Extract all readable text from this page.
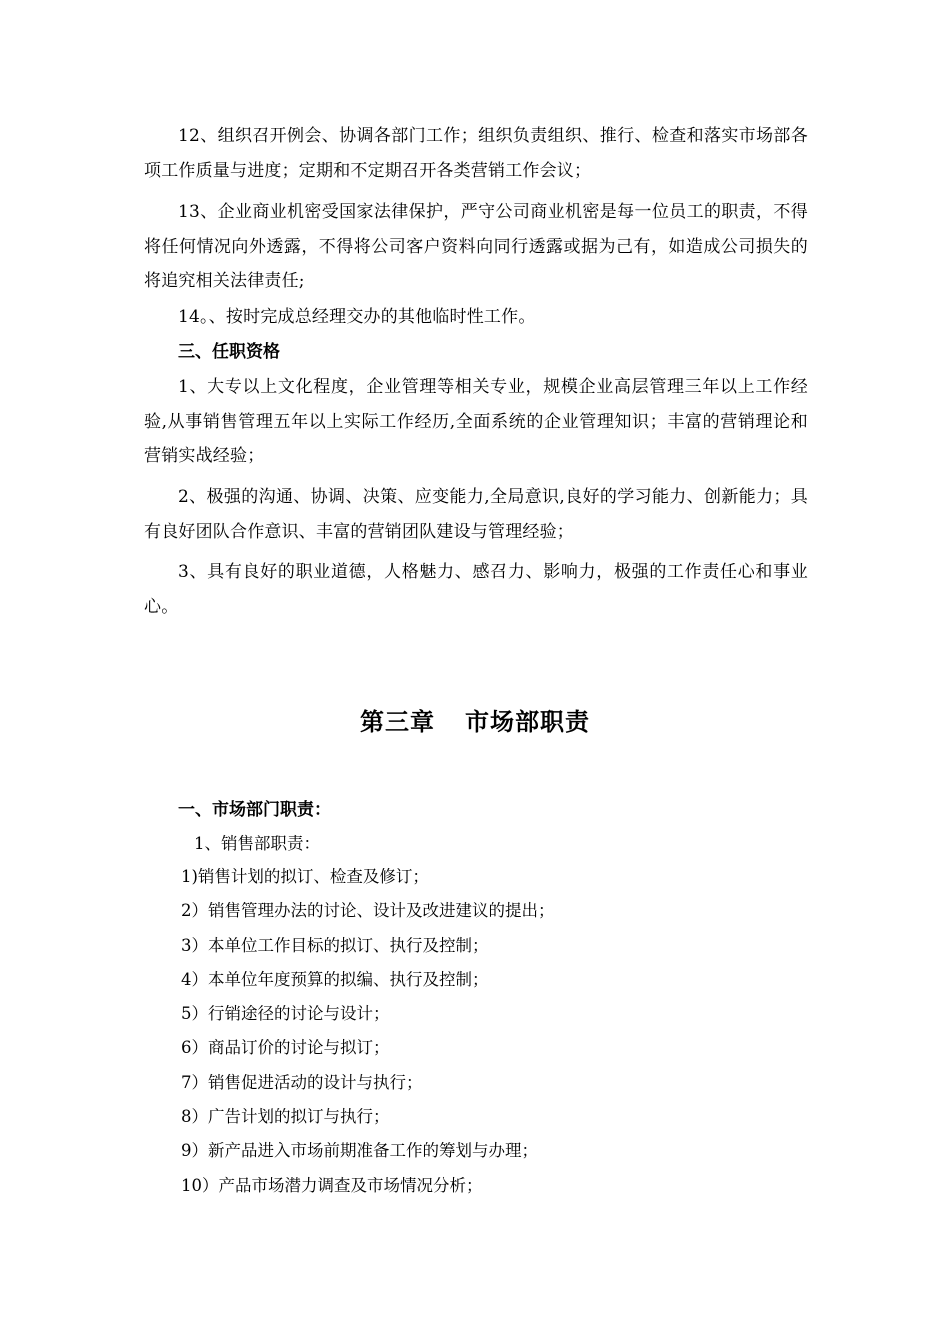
12、组织召开例会、协调各部门工作；组织负责组织、推行、检查和落实市场部各项工作质量与进度；定期和不定期召开各类营销工作会议；

13、企业商业机密受国家法律保护，严守公司商业机密是每一位员工的职责，不得将任何情况向外透露，不得将公司客户资料向同行透露或据为己有，如造成公司损失的将追究相关法律责任;

14。、按时完成总经理交办的其他临时性工作。

三、任职资格

1、大专以上文化程度，企业管理等相关专业，规模企业高层管理三年以上工作经验,从事销售管理五年以上实际工作经历,全面系统的企业管理知识；丰富的营销理论和营销实战经验；

2、极强的沟通、协调、决策、应变能力,全局意识,良好的学习能力、创新能力；具有良好团队合作意识、丰富的营销团队建设与管理经验；

3、具有良好的职业道德，人格魅力、感召力、影响力，极强的工作责任心和事业心。

第三章 市场部职责
一、市场部门职责：
1、销售部职责：
1)销售计划的拟订、检查及修订；
2）销售管理办法的讨论、设计及改进建议的提出；
3）本单位工作目标的拟订、执行及控制；
4）本单位年度预算的拟编、执行及控制；
5）行销途径的讨论与设计；
6）商品订价的讨论与拟订；
7）销售促进活动的设计与执行；
8）广告计划的拟订与执行；
9）新产品进入市场前期准备工作的筹划与办理；
10）产品市场潜力调查及市场情况分析；
